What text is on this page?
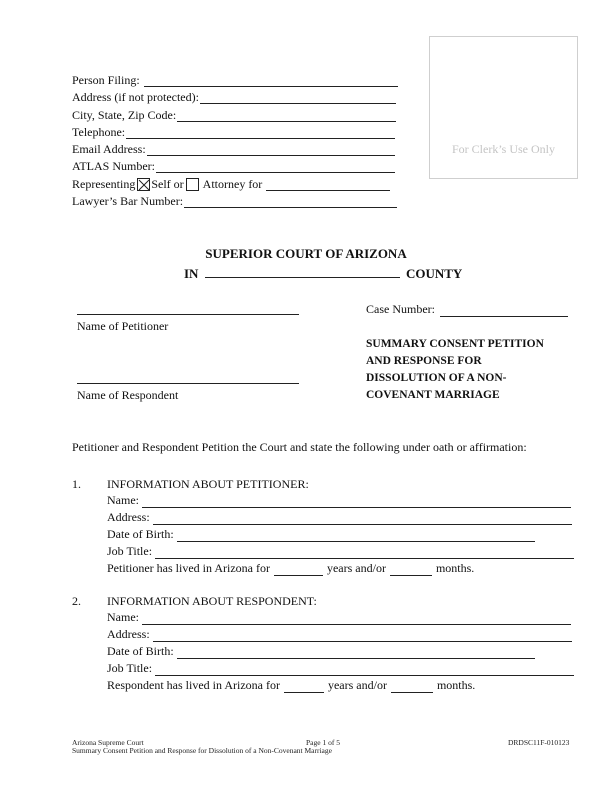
Person Filing:
Address (if not protected):
City, State, Zip Code:
Telephone:
Email Address:
ATLAS Number:
Representing Self or Attorney for
Lawyer’s Bar Number:
For Clerk’s Use Only
SUPERIOR COURT OF ARIZONA
IN	COUNTY
Name of Petitioner
Name of Respondent
Case Number:
SUMMARY CONSENT PETITION
AND RESPONSE FOR
DISSOLUTION OF A NON-
COVENANT MARRIAGE
Petitioner and Respondent Petition the Court and state the following under oath or affirmation:
1. INFORMATION ABOUT PETITIONER:
Name:
Address:
Date of Birth:
Job Title:
Petitioner has lived in Arizona for	years and/or	months.
2. INFORMATION ABOUT RESPONDENT:
Name:
Address:
Date of Birth:
Job Title:
Respondent has lived in Arizona for	years and/or	months.
Arizona Supreme Court	Page 1 of 5	DRDSC11F-010123
Summary Consent Petition and Response for Dissolution of a Non-Covenant Marriage
